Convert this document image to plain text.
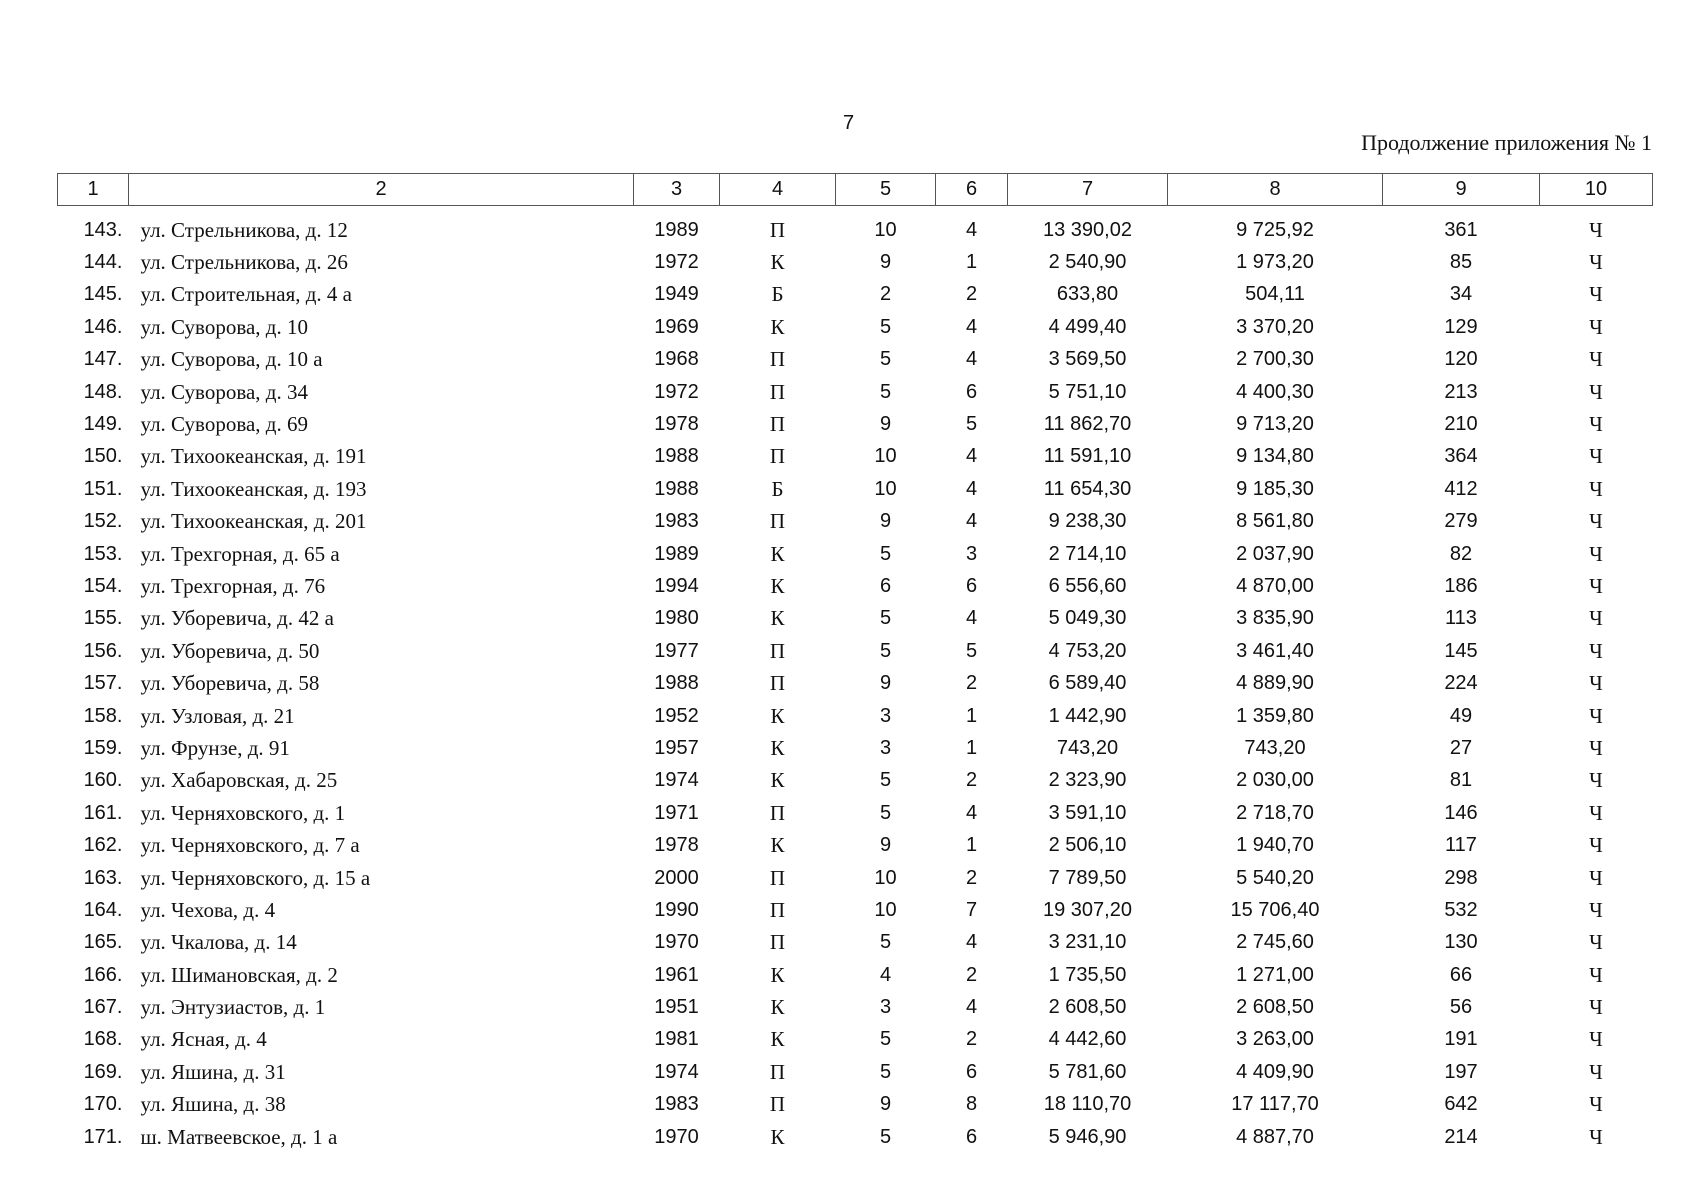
7
Продолжение приложения № 1
1	2	3	4	5	6	7	8	9	10
143.	ул. Стрельникова, д. 12	1989	П	10	4	13 390,02	9 725,92	361	Ч
144.	ул. Стрельникова, д. 26	1972	К	9	1	2 540,90	1 973,20	85	Ч
145.	ул. Строительная, д. 4 а	1949	Б	2	2	633,80	504,11	34	Ч
146.	ул. Суворова, д. 10	1969	К	5	4	4 499,40	3 370,20	129	Ч
147.	ул. Суворова, д. 10 а	1968	П	5	4	3 569,50	2 700,30	120	Ч
148.	ул. Суворова, д. 34	1972	П	5	6	5 751,10	4 400,30	213	Ч
149.	ул. Суворова, д. 69	1978	П	9	5	11 862,70	9 713,20	210	Ч
150.	ул. Тихоокеанская, д. 191	1988	П	10	4	11 591,10	9 134,80	364	Ч
151.	ул. Тихоокеанская, д. 193	1988	Б	10	4	11 654,30	9 185,30	412	Ч
152.	ул. Тихоокеанская, д. 201	1983	П	9	4	9 238,30	8 561,80	279	Ч
153.	ул. Трехгорная, д. 65 а	1989	К	5	3	2 714,10	2 037,90	82	Ч
154.	ул. Трехгорная, д. 76	1994	К	6	6	6 556,60	4 870,00	186	Ч
155.	ул. Уборевича, д. 42 а	1980	К	5	4	5 049,30	3 835,90	113	Ч
156.	ул. Уборевича, д. 50	1977	П	5	5	4 753,20	3 461,40	145	Ч
157.	ул. Уборевича, д. 58	1988	П	9	2	6 589,40	4 889,90	224	Ч
158.	ул. Узловая, д. 21	1952	К	3	1	1 442,90	1 359,80	49	Ч
159.	ул. Фрунзе, д. 91	1957	К	3	1	743,20	743,20	27	Ч
160.	ул. Хабаровская, д. 25	1974	К	5	2	2 323,90	2 030,00	81	Ч
161.	ул. Черняховского, д. 1	1971	П	5	4	3 591,10	2 718,70	146	Ч
162.	ул. Черняховского, д. 7 а	1978	К	9	1	2 506,10	1 940,70	117	Ч
163.	ул. Черняховского, д. 15 а	2000	П	10	2	7 789,50	5 540,20	298	Ч
164.	ул. Чехова, д. 4	1990	П	10	7	19 307,20	15 706,40	532	Ч
165.	ул. Чкалова, д. 14	1970	П	5	4	3 231,10	2 745,60	130	Ч
166.	ул. Шимановская, д. 2	1961	К	4	2	1 735,50	1 271,00	66	Ч
167.	ул. Энтузиастов, д. 1	1951	К	3	4	2 608,50	2 608,50	56	Ч
168.	ул. Ясная, д. 4	1981	К	5	2	4 442,60	3 263,00	191	Ч
169.	ул. Яшина, д. 31	1974	П	5	6	5 781,60	4 409,90	197	Ч
170.	ул. Яшина, д. 38	1983	П	9	8	18 110,70	17 117,70	642	Ч
171.	ш. Матвеевское, д. 1 а	1970	К	5	6	5 946,90	4 887,70	214	Ч
